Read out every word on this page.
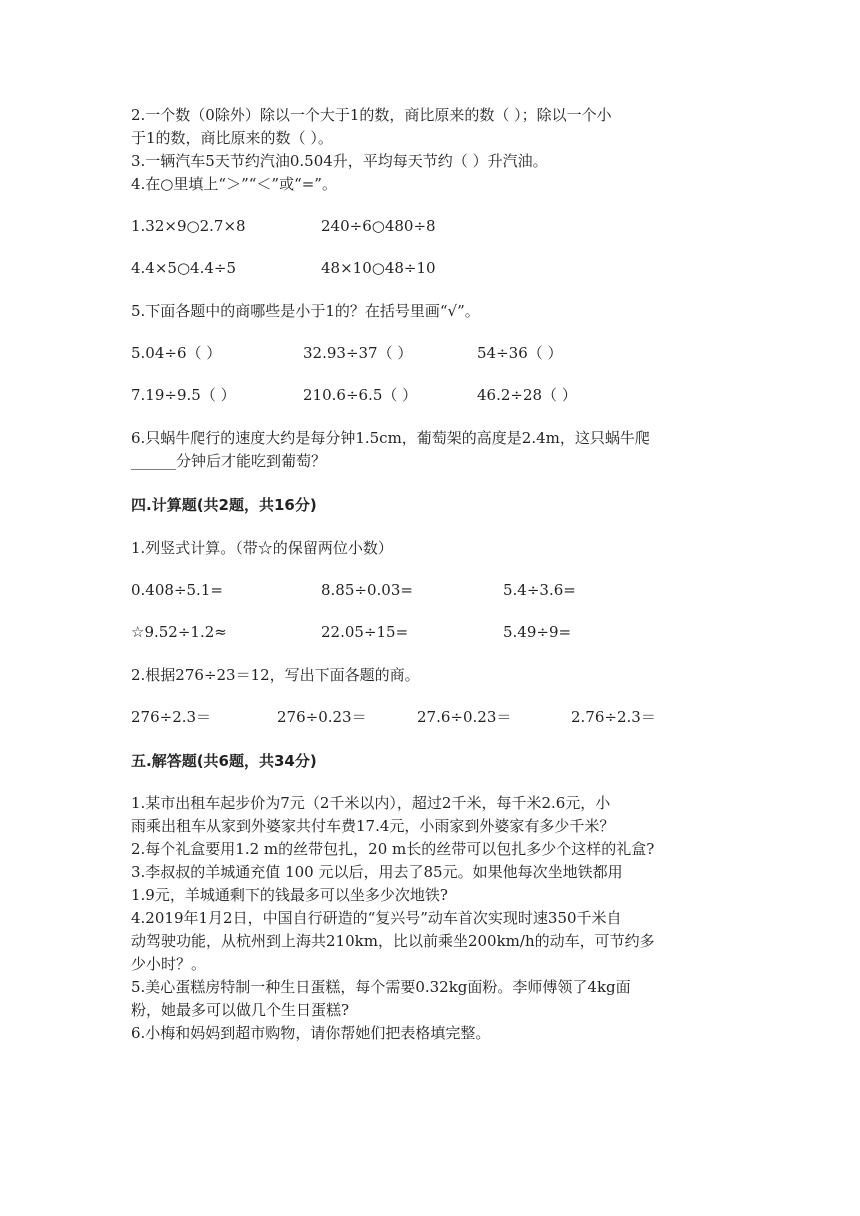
2.一个数（0除外）除以一个大于1的数，商比原来的数（ ）；除以一个小
于1的数，商比原来的数（ ）。
3.一辆汽车5天节约汽油0.504升，平均每天节约（ ）升汽油。
4.在○里填上“＞”“＜”或“=”。
1.32×9○2.7×8	240÷6○480÷8
4.4×5○4.4÷5	48×10○48÷10
5.下面各题中的商哪些是小于1的？在括号里画“√”。
5.04÷6（ ）	32.93÷37（ ）	54÷36（ ）
7.19÷9.5（ ）	210.6÷6.5（ ）	46.2÷28（ ）
6.只蜗牛爬行的速度大约是每分钟1.5cm，葡萄架的高度是2.4m，这只蜗牛爬
______分钟后才能吃到葡萄？
四.计算题(共2题，共16分)
1.列竖式计算。（带☆的保留两位小数）
0.408÷5.1=	8.85÷0.03=	5.4÷3.6=
☆9.52÷1.2≈	22.05÷15=	5.49÷9=
2.根据276÷23＝12，写出下面各题的商。
276÷2.3＝	276÷0.23＝	27.6÷0.23＝	2.76÷2.3＝
五.解答题(共6题，共34分)
1.某市出租车起步价为7元（2千米以内），超过2千米，每千米2.6元，小
雨乘出租车从家到外婆家共付车费17.4元，小雨家到外婆家有多少千米？
2.每个礼盒要用1.2 m的丝带包扎，20 m长的丝带可以包扎多少个这样的礼盒?
3.李叔叔的羊城通充值 100 元以后，用去了85元。如果他每次坐地铁都用
1.9元，羊城通剩下的钱最多可以坐多少次地铁?
4.2019年1月2日，中国自行研造的“复兴号”动车首次实现时速350千米自
动驾驶功能，从杭州到上海共210km，比以前乘坐200km/h的动车，可节约多
少小时？。
5.美心蛋糕房特制一种生日蛋糕，每个需要0.32kg面粉。李师傅领了4kg面
粉，她最多可以做几个生日蛋糕?
6.小梅和妈妈到超市购物，请你帮她们把表格填完整。
